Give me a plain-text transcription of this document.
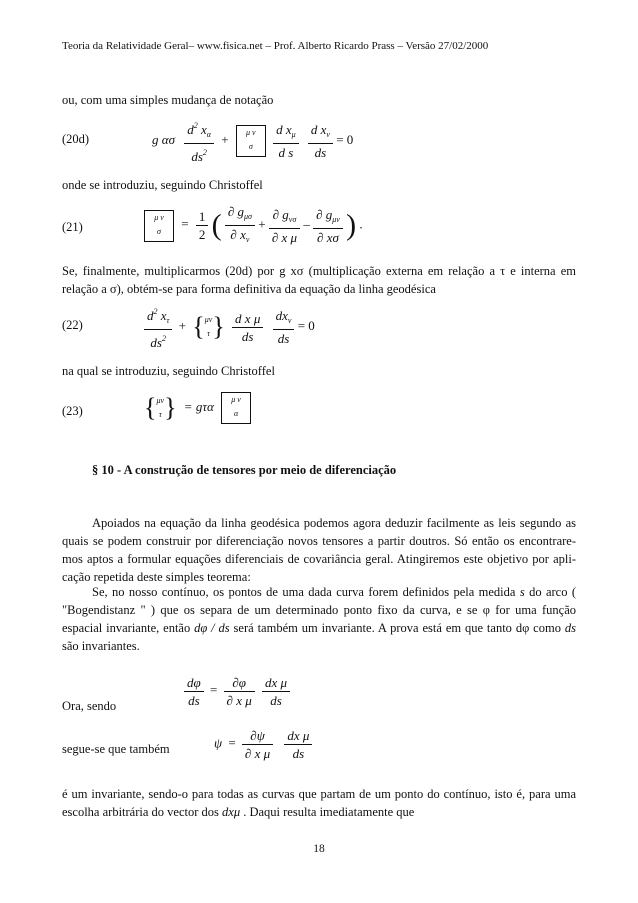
Teoria da Relatividade Geral– www.fisica.net – Prof. Alberto Ricardo Prass – Versão 27/02/2000
ou, com uma simples mudança de notação
(20d)	g ασ $\frac{d^2 x_\alpha}{ds^2}$ +	μ ν
σ
	$\frac{d x_\mu}{\text{d s}}$
$\frac{d x_\nu}{ds} = 0$
onde se introduziu, seguindo Christoffel
(21)
μ ν
σ	= $\frac{1}{2}$ ( $\frac{\partial g_{\mu\sigma}}{\partial x_\nu} + \frac{\partial g_{\nu\sigma}}{\text{∂ x μ}} - \frac{\partial g_{\mu\nu}}{\partial x\sigma}$ ) .
Se, finalmente, multiplicarmos (20d) por g xσ (multiplicação externa em relação a τ e interna em relação a σ), obtém-se para forma definitiva da equação da linha geodésica
(22)	$\frac{d^2 x_\tau}{ds^2}$ + { μν
τ } $\frac{\text{d x μ}}{ds}$
$\frac{dx_\nu}{ds} = 0$
na qual se introduziu, seguindo Christoffel
(23) { μν
τ } = gτα	μ ν
α
§ 10 - A construção de tensores por meio de diferenciação
Apoiados na equação da linha geodésica podemos agora deduzir facilmente as leis segundo as quais se podem construir por diferenciação novos tensores a partir doutros. Só então os encontrare-mos aptos a formular equações diferenciais de covariância geral. Atingiremos este objetivo por apli-cação repetida deste simples teorema:
Se, no nosso contínuo, os pontos de uma dada curva forem definidos pela medida s do arco ( "Bogendistanz " ) que os separa de um determinado ponto fixo da curva, e se φ for uma função espacial invariante, então dφ / ds será também um invariante. A prova está em que tanto dφ como ds são invariantes.
Ora, sendo	$\frac{d\varphi}{ds} = \frac{\partial\varphi}{\text{∂ x μ}}$
$\frac{\text{dx μ}}{ds}$
segue-se que também	$\psi = \frac{\partial\psi}{\text{∂ x μ}}$
$\frac{\text{dx μ}}{ds}$
é um invariante, sendo-o para todas as curvas que partam de um ponto do contínuo, isto é, para uma escolha arbitrária do vector dos dxμ . Daqui resulta imediatamente que
18
